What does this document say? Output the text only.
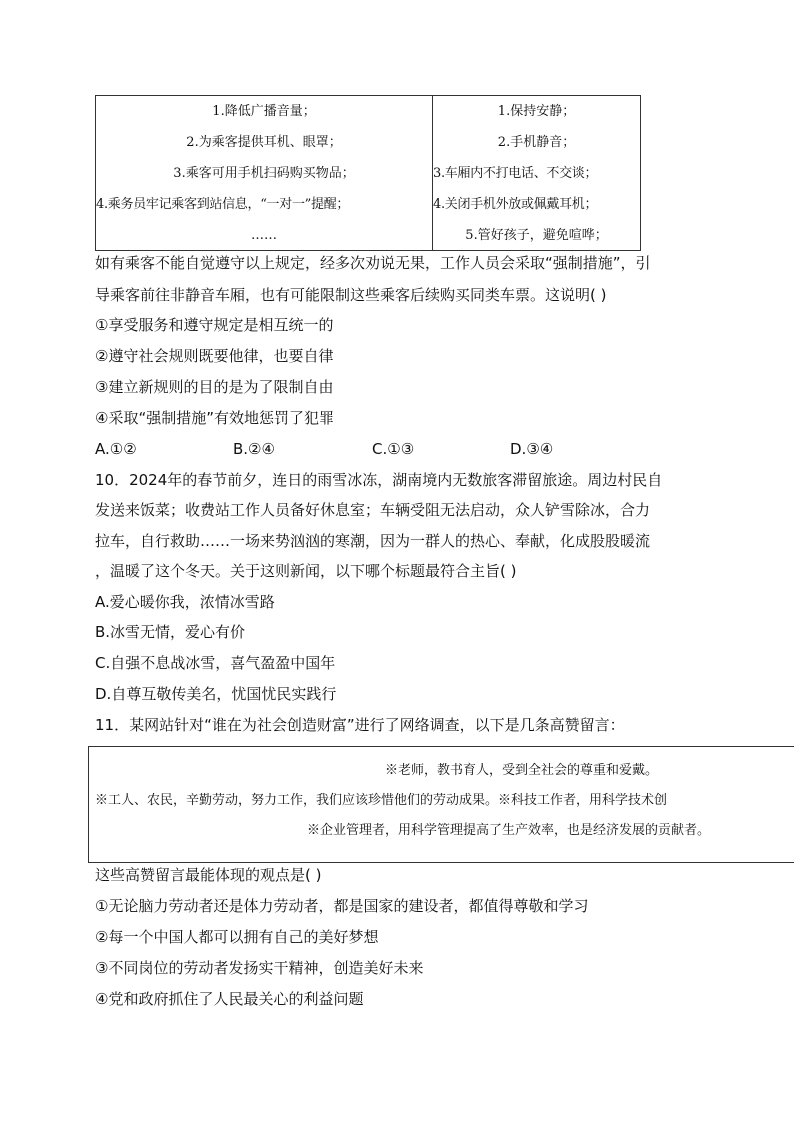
1.降低广播音量；
2.为乘客提供耳机、眼罩；
3.乘客可用手机扫码购买物品；
4.乘务员牢记乘客到站信息，“一对一”提醒；
……
1.保持安静；
2.手机静音；
3.车厢内不打电话、不交谈；
4.关闭手机外放或佩戴耳机；
5.管好孩子，避免喧哗；
如有乘客不能自觉遵守以上规定，经多次劝说无果，工作人员会采取“强制措施”，引
导乘客前往非静音车厢，也有可能限制这些乘客后续购买同类车票。这说明( )
①享受服务和遵守规定是相互统一的
②遵守社会规则既要他律，也要自律
③建立新规则的目的是为了限制自由
④采取“强制措施”有效地惩罚了犯罪
A.①②	B.②④	C.①③	D.③④
10．2024年的春节前夕，连日的雨雪冰冻，湖南境内无数旅客滞留旅途。周边村民自
发送来饭菜；收费站工作人员备好休息室；车辆受阻无法启动，众人铲雪除冰，合力
拉车，自行救助……一场来势汹汹的寒潮，因为一群人的热心、奉献，化成股股暖流
，温暖了这个冬天。关于这则新闻，以下哪个标题最符合主旨( )
A.爱心暖你我，浓情冰雪路
B.冰雪无情，爱心有价
C.自强不息战冰雪，喜气盈盈中国年
D.自尊互敬传美名，忧国忧民实践行
11．某网站针对“谁在为社会创造财富”进行了网络调查，以下是几条高赞留言：
※老师，教书育人，受到全社会的尊重和爱戴。
※工人、农民，辛勤劳动，努力工作，我们应该珍惜他们的劳动成果。※科技工作者，用科学技术创
※企业管理者，用科学管理提高了生产效率，也是经济发展的贡献者。
这些高赞留言最能体现的观点是( )
①无论脑力劳动者还是体力劳动者，都是国家的建设者，都值得尊敬和学习
②每一个中国人都可以拥有自己的美好梦想
③不同岗位的劳动者发扬实干精神，创造美好未来
④党和政府抓住了人民最关心的利益问题
